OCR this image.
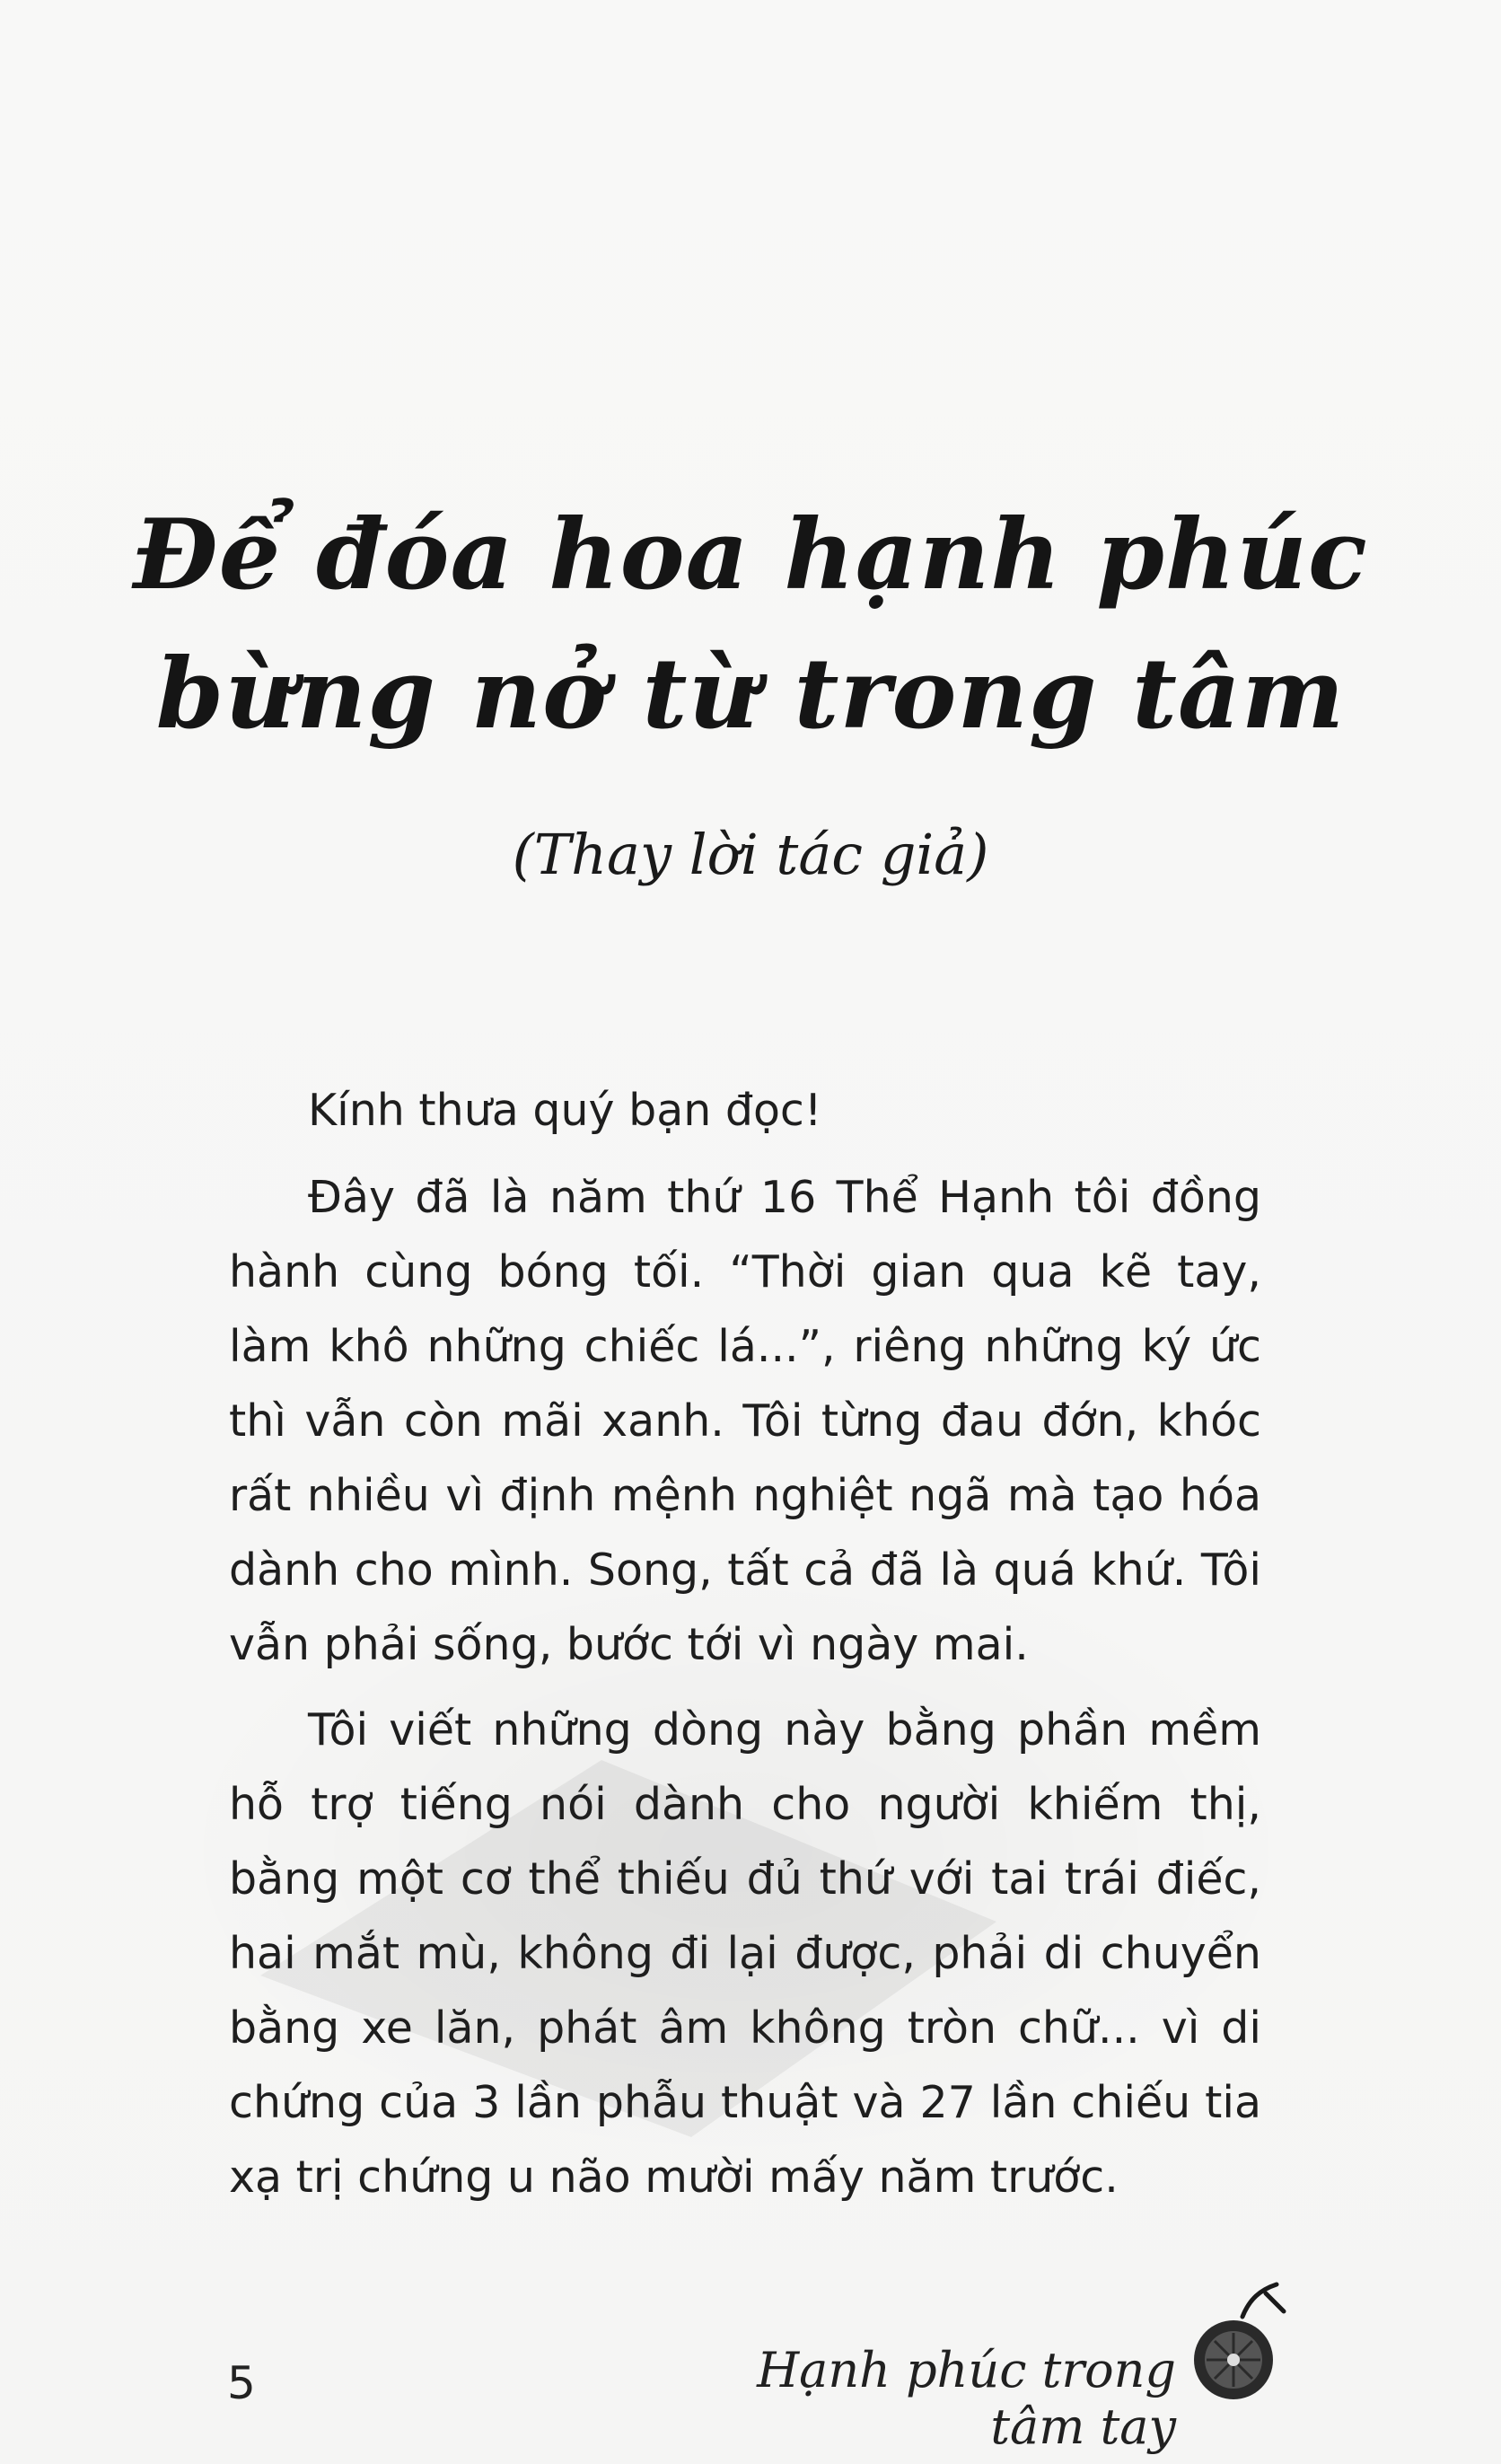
Để đóa hoa hạnh phúc
bừng nở từ trong tâm
(Thay lời tác giả)

Kính thưa quý bạn đọc!

Đây đã là năm thứ 16 Thể Hạnh tôi đồng hành cùng bóng tối. “Thời gian qua kẽ tay, làm khô những chiếc lá...”, riêng những ký ức thì vẫn còn mãi xanh. Tôi từng đau đớn, khóc rất nhiều vì định mệnh nghiệt ngã mà tạo hóa dành cho mình. Song, tất cả đã là quá khứ. Tôi vẫn phải sống, bước tới vì ngày mai.

Tôi viết những dòng này bằng phần mềm hỗ trợ tiếng nói dành cho người khiếm thị, bằng một cơ thể thiếu đủ thứ với tai trái điếc, hai mắt mù, không đi lại được, phải di chuyển bằng xe lăn, phát âm không tròn chữ... vì di chứng của 3 lần phẫu thuật và 27 lần chiếu tia xạ trị chứng u não mười mấy năm trước.

5	Hạnh phúc trong tâm tay
